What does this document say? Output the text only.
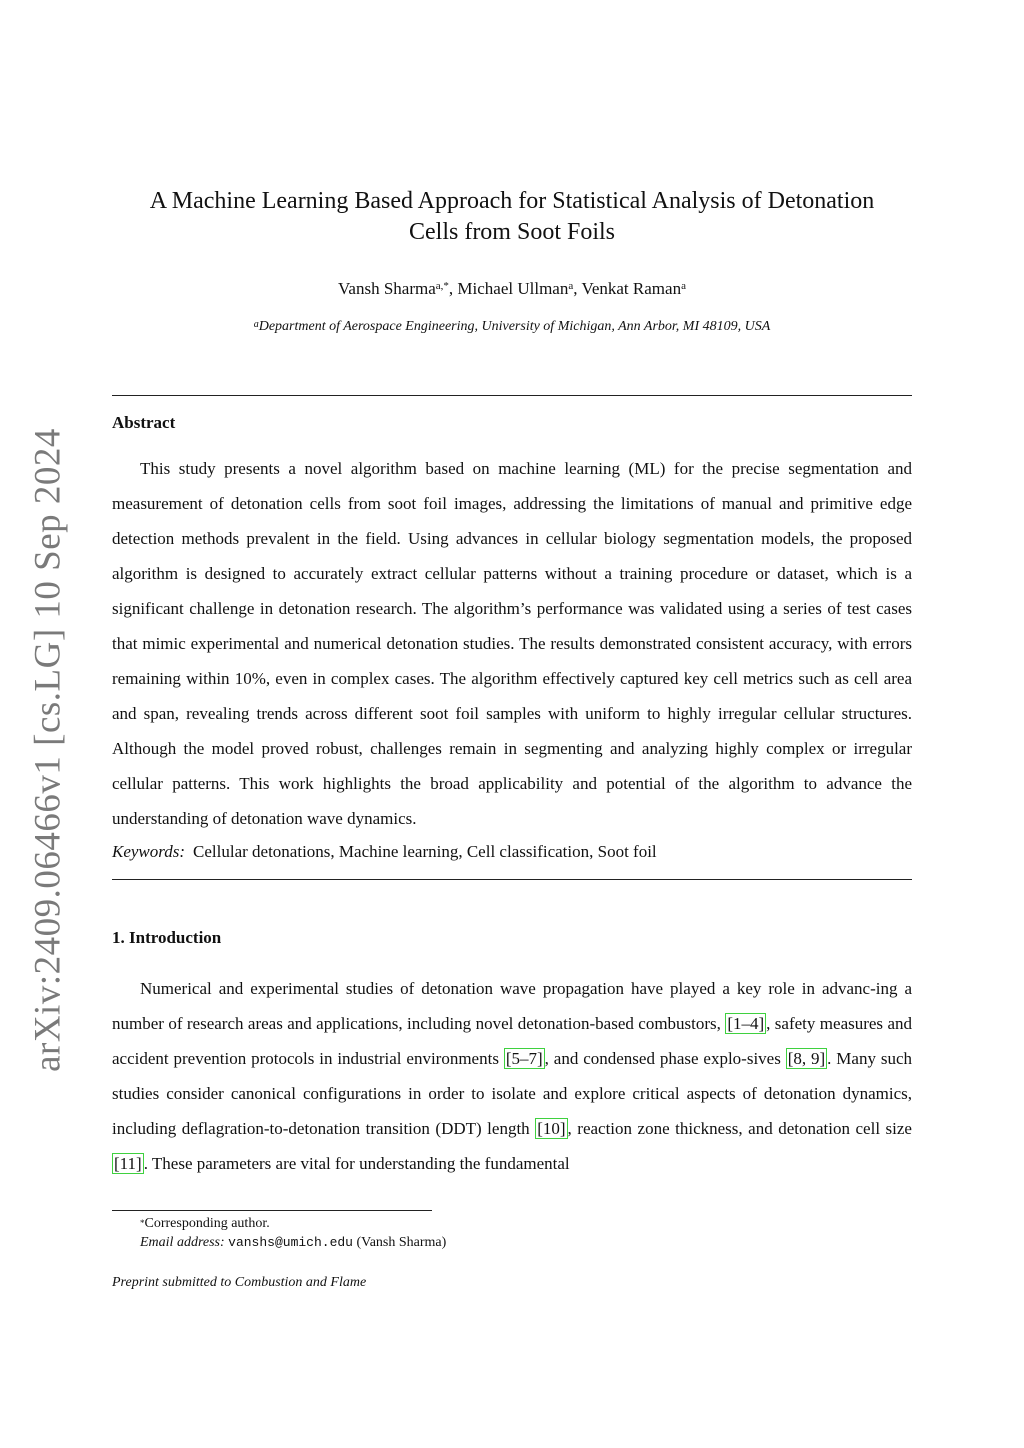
arXiv:2409.06466v1 [cs.LG] 10 Sep 2024
A Machine Learning Based Approach for Statistical Analysis of Detonation
Cells from Soot Foils
Vansh Sharma$^{a,*}$, Michael Ullman$^a$, Venkat Raman$^a$
$^a$Department of Aerospace Engineering, University of Michigan, Ann Arbor, MI 48109, USA
Abstract
This study presents a novel algorithm based on machine learning (ML) for the precise segmentation and measurement of detonation cells from soot foil images, addressing the limitations of manual and primitive edge detection methods prevalent in the field. Using advances in cellular biology segmentation models, the proposed algorithm is designed to accurately extract cellular patterns without a training procedure or dataset, which is a significant challenge in detonation research. The algorithm’s performance was validated using a series of test cases that mimic experimental and numerical detonation studies. The results demonstrated consistent accuracy, with errors remaining within 10%, even in complex cases. The algorithm effectively captured key cell metrics such as cell area and span, revealing trends across different soot foil samples with uniform to highly irregular cellular structures. Although the model proved robust, challenges remain in segmenting and analyzing highly complex or irregular cellular patterns. This work highlights the broad applicability and potential of the algorithm to advance the understanding of detonation wave dynamics.
Keywords: Cellular detonations, Machine learning, Cell classification, Soot foil
1. Introduction
Numerical and experimental studies of detonation wave propagation have played a key role in advanc-ing a number of research areas and applications, including novel detonation-based combustors, [1–4] , safety measures and accident prevention protocols in industrial environments [5–7] , and condensed phase explo-sives [8, 9] . Many such studies consider canonical configurations in order to isolate and explore critical aspects of detonation dynamics, including deflagration-to-detonation transition (DDT) length [10] , reaction zone thickness, and detonation cell size [11] . These parameters are vital for understanding the fundamental
*Corresponding author.
Email address: vanshs@umich.edu (Vansh Sharma)
Preprint submitted to Combustion and Flame
